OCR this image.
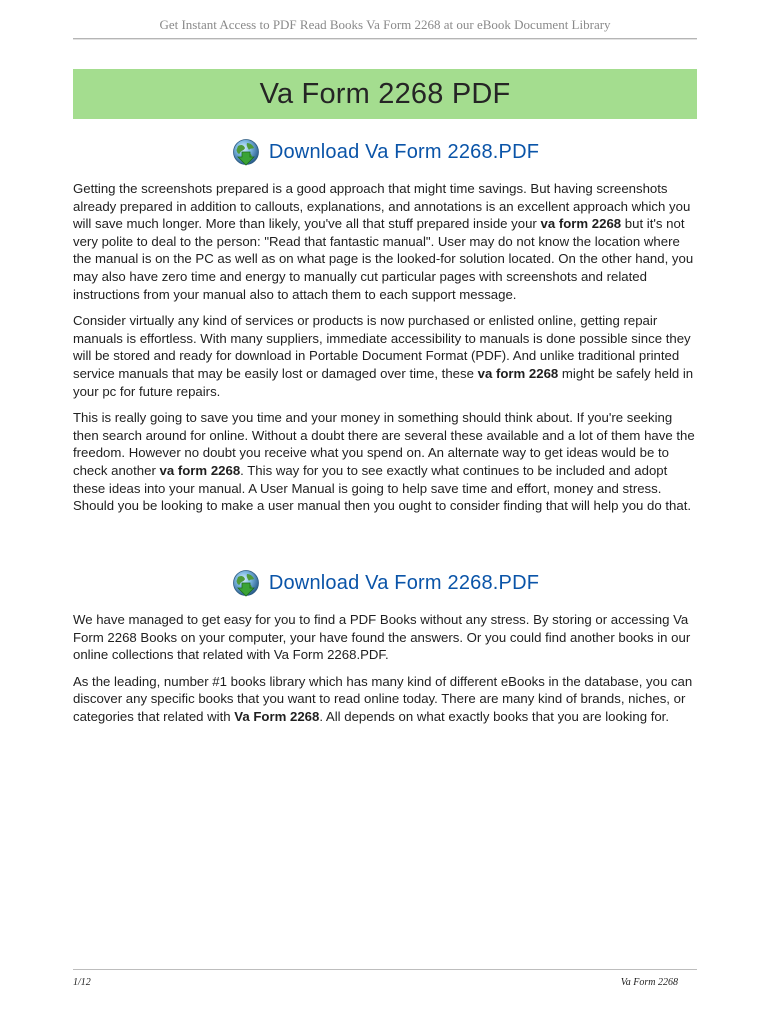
Get Instant Access to PDF Read Books Va Form 2268 at our eBook Document Library
Va Form 2268 PDF
Download Va Form 2268.PDF

Getting the screenshots prepared is a good approach that might time savings. But having screenshots already prepared in addition to callouts, explanations, and annotations is an excellent approach which you will save much longer. More than likely, you've all that stuff prepared inside your va form 2268 but it's not very polite to deal to the person: "Read that fantastic manual". User may do not know the location where the manual is on the PC as well as on what page is the looked-for solution located. On the other hand, you may also have zero time and energy to manually cut particular pages with screenshots and related instructions from your manual also to attach them to each support message.

Consider virtually any kind of services or products is now purchased or enlisted online, getting repair manuals is effortless. With many suppliers, immediate accessibility to manuals is done possible since they will be stored and ready for download in Portable Document Format (PDF). And unlike traditional printed service manuals that may be easily lost or damaged over time, these va form 2268 might be safely held in your pc for future repairs.

This is really going to save you time and your money in something should think about. If you're seeking then search around for online. Without a doubt there are several these available and a lot of them have the freedom. However no doubt you receive what you spend on. An alternate way to get ideas would be to check another va form 2268. This way for you to see exactly what continues to be included and adopt these ideas into your manual. A User Manual is going to help save time and effort, money and stress. Should you be looking to make a user manual then you ought to consider finding that will help you do that.

Download Va Form 2268.PDF

We have managed to get easy for you to find a PDF Books without any stress. By storing or accessing Va Form 2268 Books on your computer, your have found the answers. Or you could find another books in our online collections that related with Va Form 2268.PDF.

As the leading, number #1 books library which has many kind of different eBooks in the database, you can discover any specific books that you want to read online today. There are many kind of brands, niches, or categories that related with Va Form 2268. All depends on what exactly books that you are looking for.

1/12	Va Form 2268
